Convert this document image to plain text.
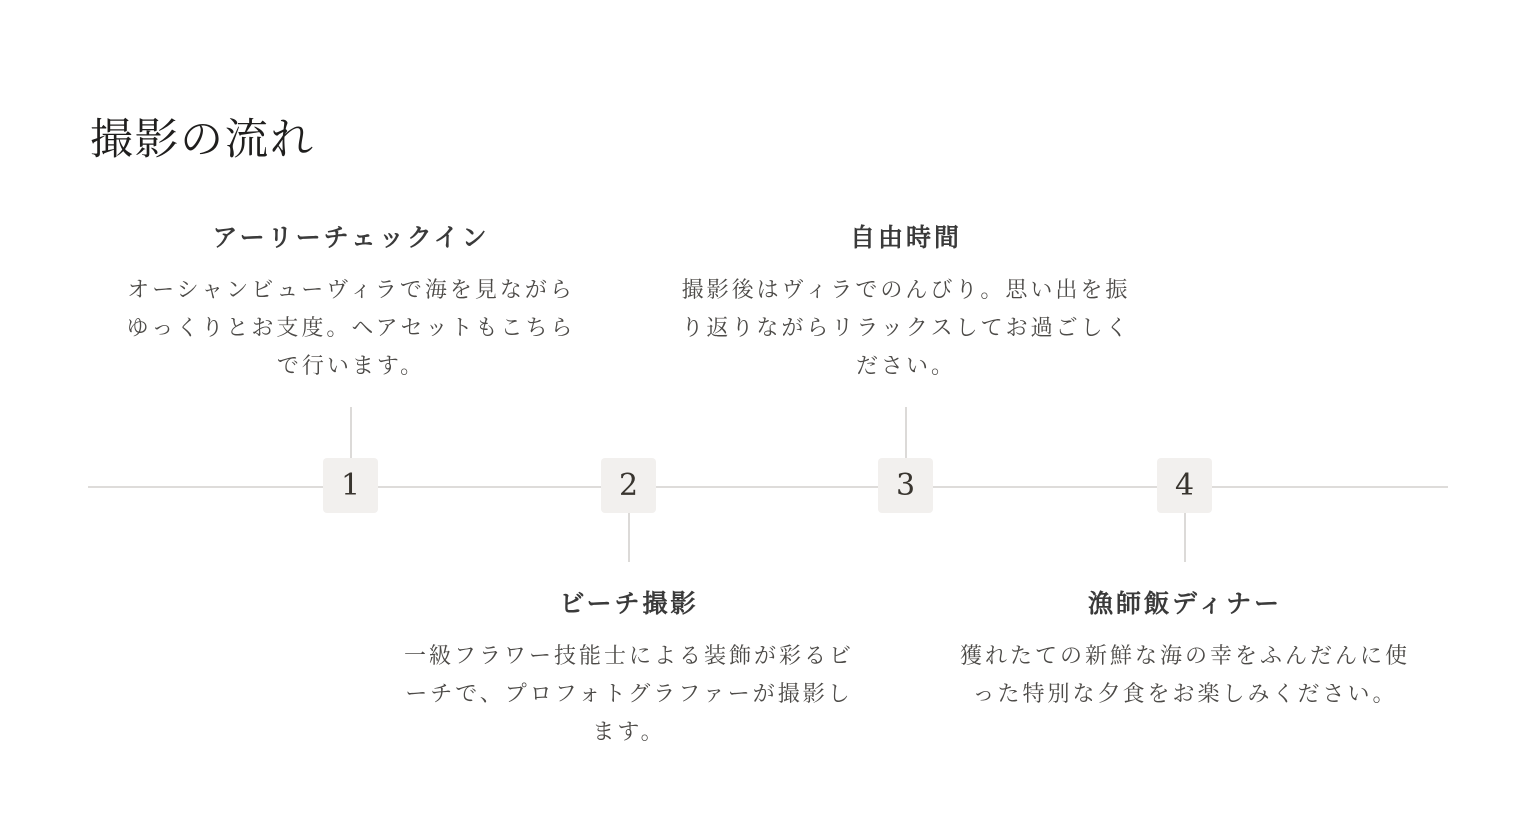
撮影の流れ
アーリーチェックイン

オーシャンビューヴィラで海を見ながらゆっくりとお支度。ヘアセットもこちらで行います。

1
ビーチ撮影

一級フラワー技能士による装飾が彩るビーチで、プロフォトグラファーが撮影します。

2
自由時間

撮影後はヴィラでのんびり。思い出を振り返りながらリラックスしてお過ごしください。

3
漁師飯ディナー

獲れたての新鮮な海の幸をふんだんに使った特別な夕食をお楽しみください。

4
